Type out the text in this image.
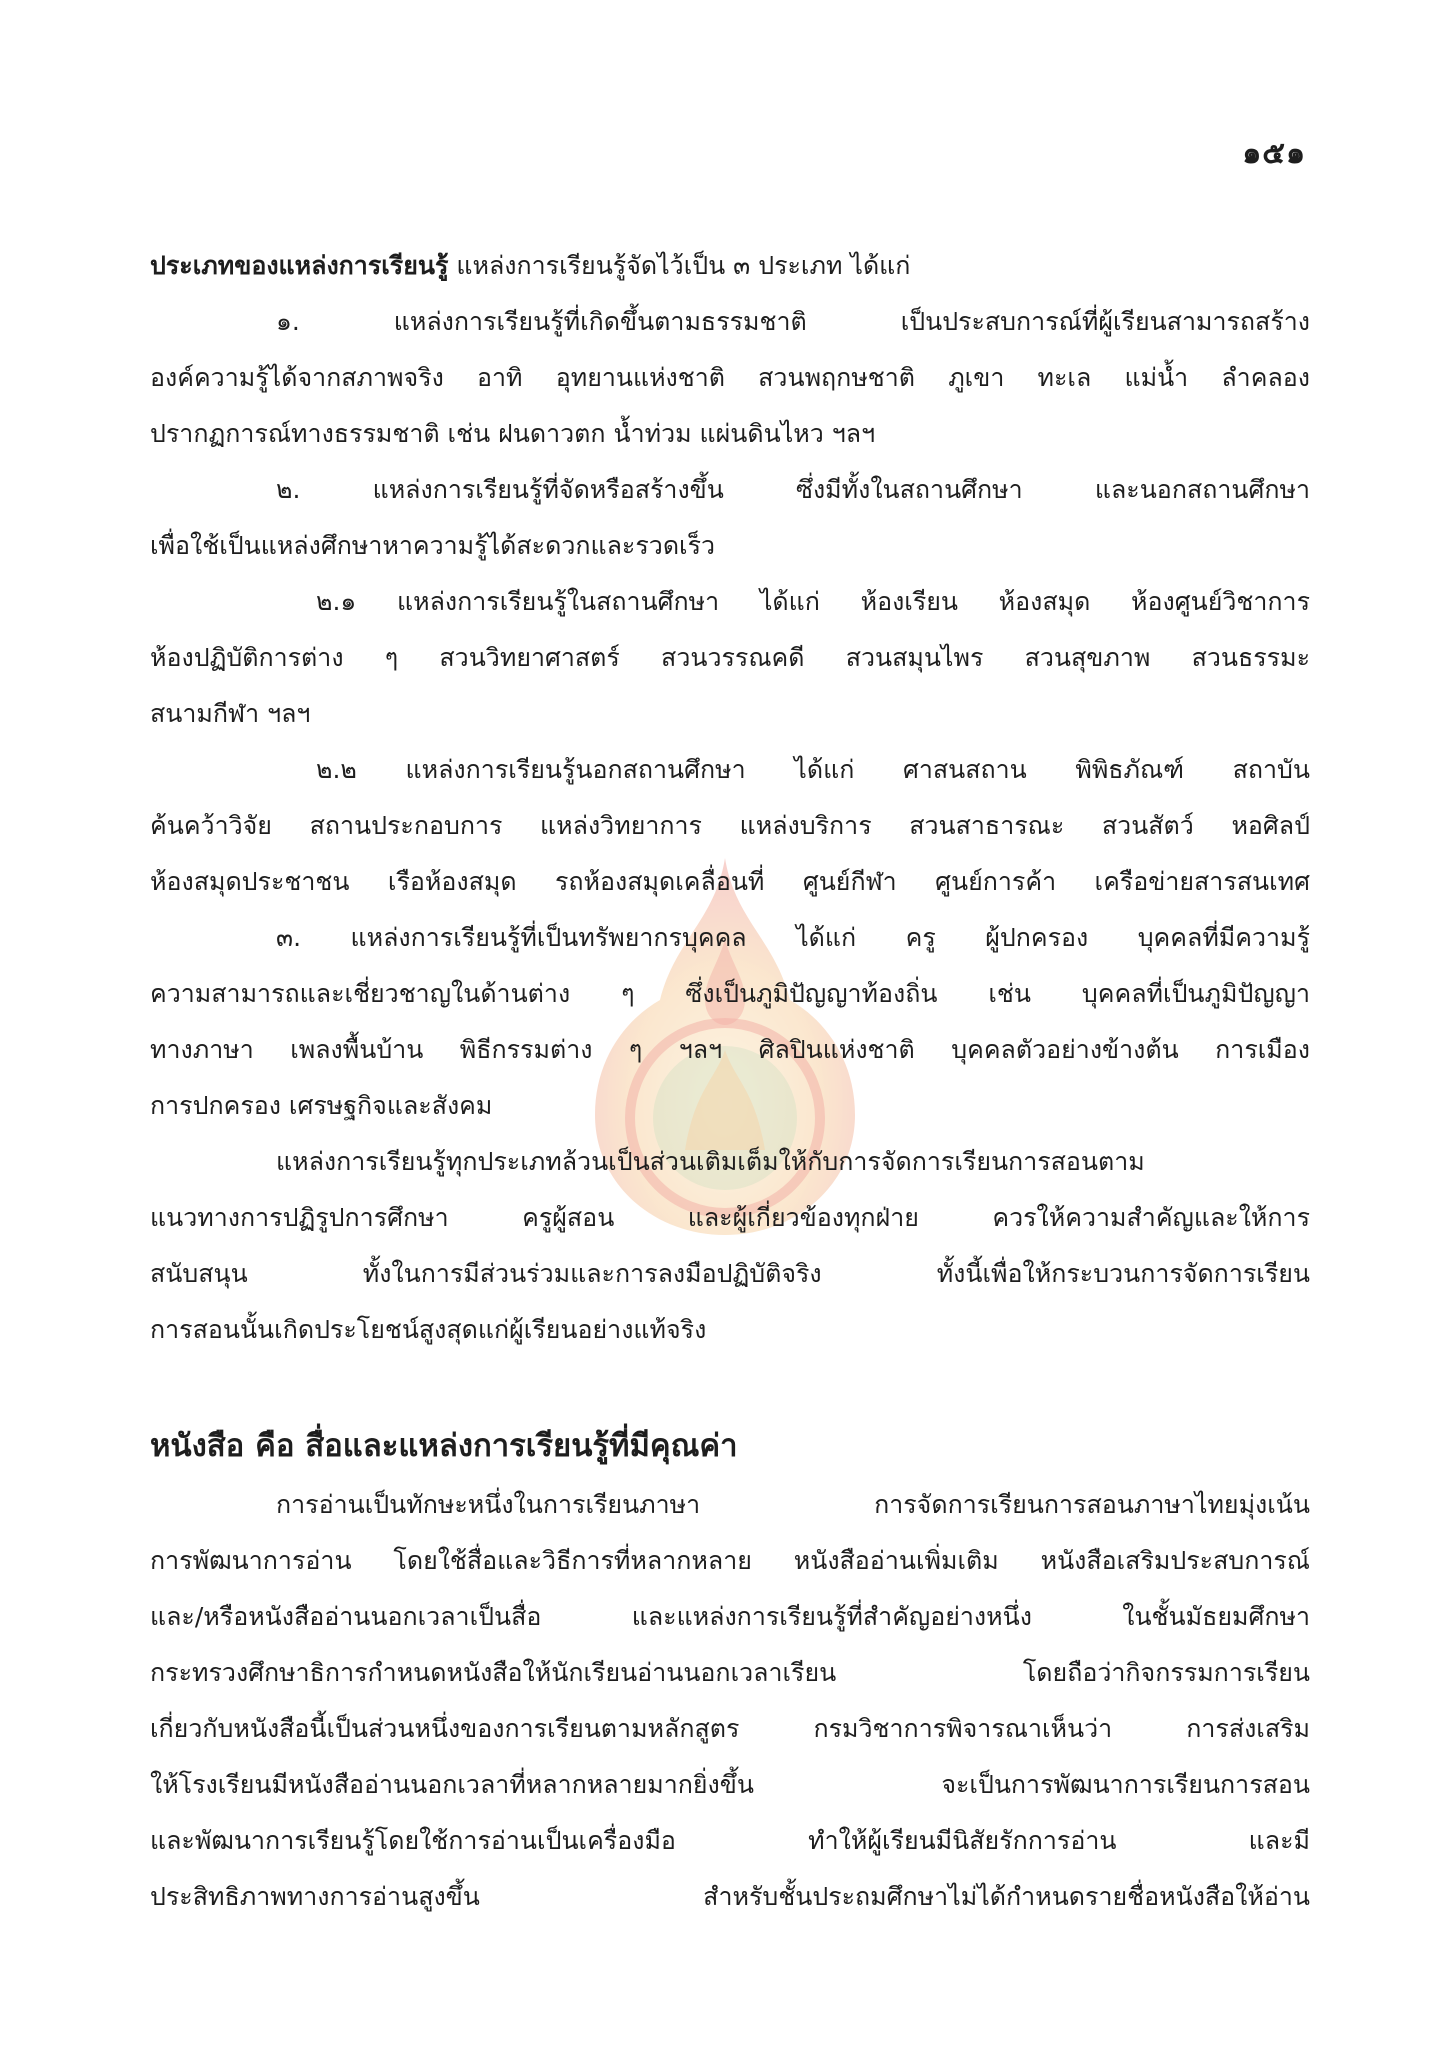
๑๕๑
ประเภทของแหล่งการเรียนรู้ แหล่งการเรียนรู้จัดไว้เป็น ๓ ประเภท ได้แก่
๑. แหล่งการเรียนรู้ที่เกิดขึ้นตามธรรมชาติ เป็นประสบการณ์ที่ผู้เรียนสามารถสร้าง
องค์ความรู้ได้จากสภาพจริง อาทิ อุทยานแห่งชาติ สวนพฤกษชาติ ภูเขา ทะเล แม่น้ำ ลำคลอง
ปรากฏการณ์ทางธรรมชาติ เช่น ฝนดาวตก น้ำท่วม แผ่นดินไหว ฯลฯ
๒. แหล่งการเรียนรู้ที่จัดหรือสร้างขึ้น ซึ่งมีทั้งในสถานศึกษา และนอกสถานศึกษา
เพื่อใช้เป็นแหล่งศึกษาหาความรู้ได้สะดวกและรวดเร็ว
๒.๑ แหล่งการเรียนรู้ในสถานศึกษา ได้แก่ ห้องเรียน ห้องสมุด ห้องศูนย์วิชาการ
ห้องปฏิบัติการต่าง ๆ สวนวิทยาศาสตร์ สวนวรรณคดี สวนสมุนไพร สวนสุขภาพ สวนธรรมะ
สนามกีฬา ฯลฯ
๒.๒ แหล่งการเรียนรู้นอกสถานศึกษา ได้แก่ ศาสนสถาน พิพิธภัณฑ์ สถาบัน
ค้นคว้าวิจัย สถานประกอบการ แหล่งวิทยาการ แหล่งบริการ สวนสาธารณะ สวนสัตว์ หอศิลป์
ห้องสมุดประชาชน เรือห้องสมุด รถห้องสมุดเคลื่อนที่ ศูนย์กีฬา ศูนย์การค้า เครือข่ายสารสนเทศ
๓. แหล่งการเรียนรู้ที่เป็นทรัพยากรบุคคล ได้แก่ ครู ผู้ปกครอง บุคคลที่มีความรู้
ความสามารถและเชี่ยวชาญในด้านต่าง ๆ ซึ่งเป็นภูมิปัญญาท้องถิ่น เช่น บุคคลที่เป็นภูมิปัญญา
ทางภาษา เพลงพื้นบ้าน พิธีกรรมต่าง ๆ ฯลฯ ศิลปินแห่งชาติ บุคคลตัวอย่างข้างต้น การเมือง
การปกครอง เศรษฐกิจและสังคม
แหล่งการเรียนรู้ทุกประเภทล้วนเป็นส่วนเติมเต็มให้กับการจัดการเรียนการสอนตาม
แนวทางการปฏิรูปการศึกษา ครูผู้สอน และผู้เกี่ยวข้องทุกฝ่าย ควรให้ความสำคัญและให้การ
สนับสนุน ทั้งในการมีส่วนร่วมและการลงมือปฏิบัติจริง ทั้งนี้เพื่อให้กระบวนการจัดการเรียน
การสอนนั้นเกิดประโยชน์สูงสุดแก่ผู้เรียนอย่างแท้จริง
หนังสือ คือ สื่อและแหล่งการเรียนรู้ที่มีคุณค่า
การอ่านเป็นทักษะหนึ่งในการเรียนภาษา การจัดการเรียนการสอนภาษาไทยมุ่งเน้น
การพัฒนาการอ่าน โดยใช้สื่อและวิธีการที่หลากหลาย หนังสืออ่านเพิ่มเติม หนังสือเสริมประสบการณ์
และ/หรือหนังสืออ่านนอกเวลาเป็นสื่อ และแหล่งการเรียนรู้ที่สำคัญอย่างหนึ่ง ในชั้นมัธยมศึกษา
กระทรวงศึกษาธิการกำหนดหนังสือให้นักเรียนอ่านนอกเวลาเรียน โดยถือว่ากิจกรรมการเรียน
เกี่ยวกับหนังสือนี้เป็นส่วนหนึ่งของการเรียนตามหลักสูตร กรมวิชาการพิจารณาเห็นว่า การส่งเสริม
ให้โรงเรียนมีหนังสืออ่านนอกเวลาที่หลากหลายมากยิ่งขึ้น จะเป็นการพัฒนาการเรียนการสอน
และพัฒนาการเรียนรู้โดยใช้การอ่านเป็นเครื่องมือ ทำให้ผู้เรียนมีนิสัยรักการอ่าน และมี
ประสิทธิภาพทางการอ่านสูงขึ้น สำหรับชั้นประถมศึกษาไม่ได้กำหนดรายชื่อหนังสือให้อ่าน
